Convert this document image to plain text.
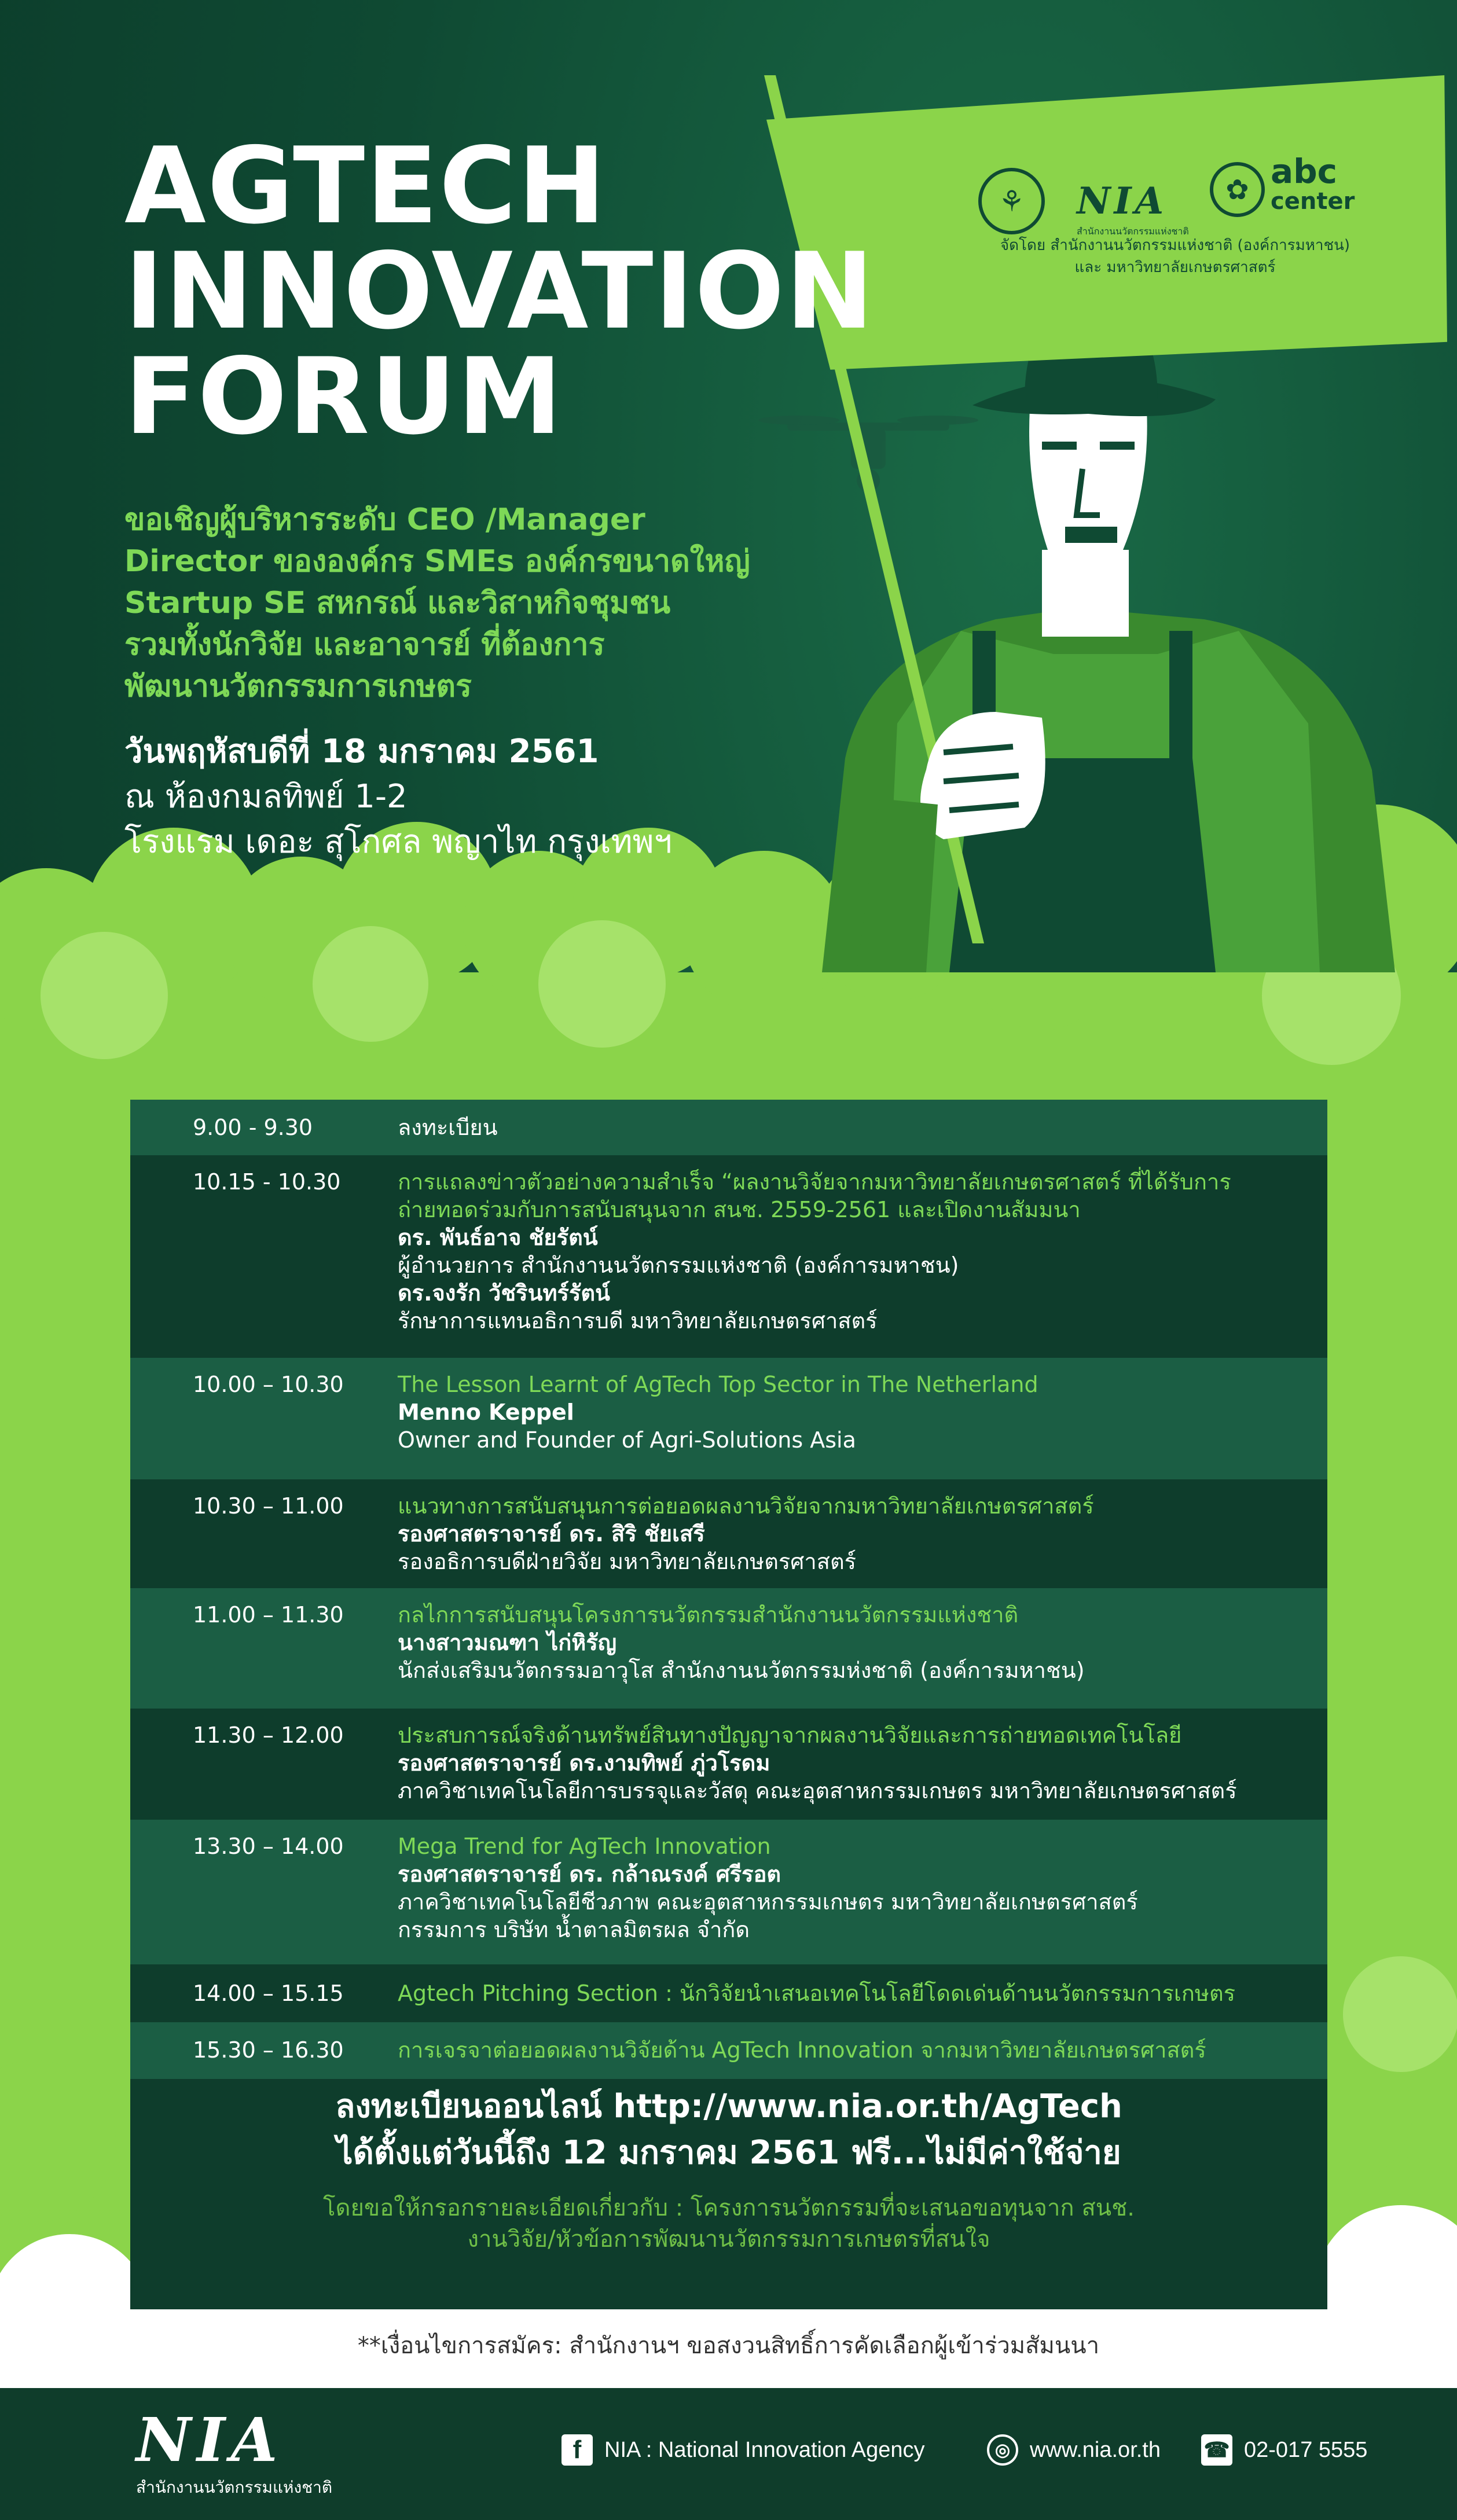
⚘	NIA
สำนักงานนวัตกรรมแห่งชาติ
✿ abc
center
จัดโดย สำนักงานนวัตกรรมแห่งชาติ (องค์การมหาชน)
และ มหาวิทยาลัยเกษตรศาสตร์
AGTECH
INNOVATION
FORUM

ขอเชิญผู้บริหารระดับ CEO /Manager
Director ขององค์กร SMEs องค์กรขนาดใหญ่
Startup SE สหกรณ์ และวิสาหกิจชุมชน
รวมทั้งนักวิจัย และอาจารย์ ที่ต้องการ
พัฒนานวัตกรรมการเกษตร

วันพฤหัสบดีที่ 18 มกราคม 2561
ณ ห้องกมลทิพย์ 1-2
โรงแรม เดอะ สุโกศล พญาไท กรุงเทพฯ
9.00 - 9.30	ลงทะเบียน
10.15 - 10.30	การแถลงข่าวตัวอย่างความสำเร็จ “ผลงานวิจัยจากมหาวิทยาลัยเกษตรศาสตร์ ที่ได้รับการถ่ายทอดร่วมกับการสนับสนุนจาก สนช. 2559-2561 และเปิดงานสัมมนา
ดร. พันธ์อาจ ชัยรัตน์
ผู้อำนวยการ สำนักงานนวัตกรรมแห่งชาติ (องค์การมหาชน)
ดร.จงรัก วัชรินทร์รัตน์
รักษาการแทนอธิการบดี มหาวิทยาลัยเกษตรศาสตร์
10.00 – 10.30 The Lesson Learnt of AgTech Top Sector in The Netherland
Menno Keppel
Owner and Founder of Agri-Solutions Asia
10.30 – 11.00 แนวทางการสนับสนุนการต่อยอดผลงานวิจัยจากมหาวิทยาลัยเกษตรศาสตร์
รองศาสตราจารย์ ดร. สิริ ชัยเสรี
รองอธิการบดีฝ่ายวิจัย มหาวิทยาลัยเกษตรศาสตร์
11.00 – 11.30 กลไกการสนับสนุนโครงการนวัตกรรมสำนักงานนวัตกรรมแห่งชาติ
นางสาวมณฑา ไก่หิรัญ
นักส่งเสริมนวัตกรรมอาวุโส สำนักงานนวัตกรรมห่งชาติ (องค์การมหาชน)
11.30 – 12.00 ประสบการณ์จริงด้านทรัพย์สินทางปัญญาจากผลงานวิจัยและการถ่ายทอดเทคโนโลยี
รองศาสตราจารย์ ดร.งามทิพย์ ภู่วโรดม
ภาควิชาเทคโนโลยีการบรรจุและวัสดุ คณะอุตสาหกรรมเกษตร มหาวิทยาลัยเกษตรศาสตร์
13.30 – 14.00 Mega Trend for AgTech Innovation
รองศาสตราจารย์ ดร. กล้าณรงค์ ศรีรอต
ภาควิชาเทคโนโลยีชีวภาพ คณะอุตสาหกรรมเกษตร มหาวิทยาลัยเกษตรศาสตร์
กรรมการ บริษัท น้ำตาลมิตรผล จำกัด
14.00 – 15.15 Agtech Pitching Section : นักวิจัยนำเสนอเทคโนโลยีโดดเด่นด้านนวัตกรรมการเกษตร
15.30 – 16.30 การเจรจาต่อยอดผลงานวิจัยด้าน AgTech Innovation จากมหาวิทยาลัยเกษตรศาสตร์
ลงทะเบียนออนไลน์ http://www.nia.or.th/AgTech
ได้ตั้งแต่วันนี้ถึง 12 มกราคม 2561 ฟรี...ไม่มีค่าใช้จ่าย
โดยขอให้กรอกรายละเอียดเกี่ยวกับ : โครงการนวัตกรรมที่จะเสนอขอทุนจาก สนช.
งานวิจัย/หัวข้อการพัฒนานวัตกรรมการเกษตรที่สนใจ
**เงื่อนไขการสมัคร: สำนักงานฯ ขอสงวนสิทธิ์การคัดเลือกผู้เข้าร่วมสัมนนา
NIA
สำนักงานนวัตกรรมแห่งชาติ
f	NIA : National Innovation Agency	◎ www.nia.or.th ☎ 02-017 5555
